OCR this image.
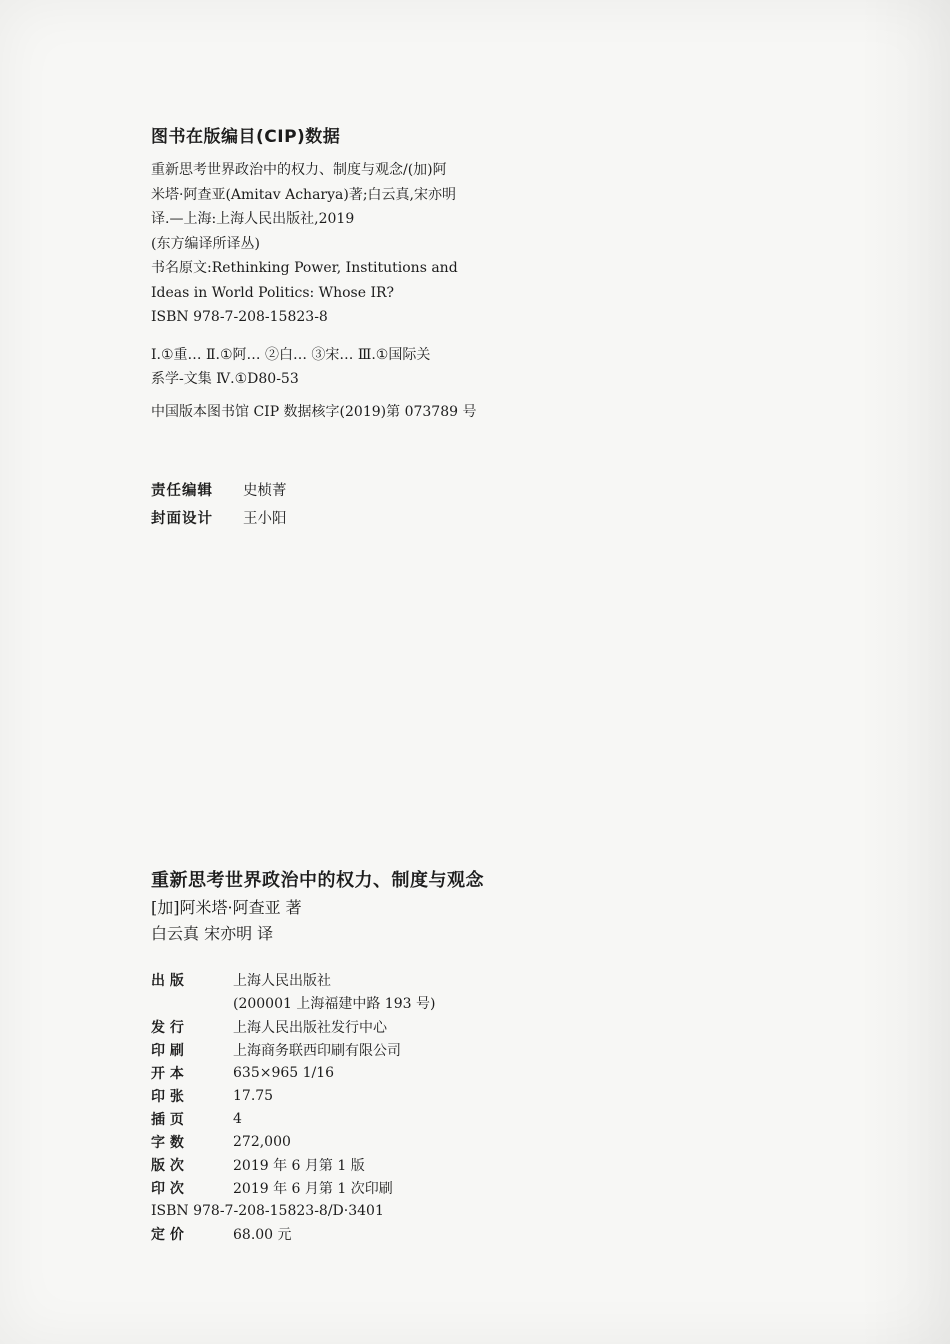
图书在版编目(CIP)数据
重新思考世界政治中的权力、制度与观念/(加)阿
米塔·阿查亚(Amitav Acharya)著;白云真,宋亦明
译.—上海:上海人民出版社,2019
(东方编译所译丛)
书名原文:Rethinking Power, Institutions and
Ideas in World Politics: Whose IR?
ISBN 978-7-208-15823-8
Ⅰ.①重… Ⅱ.①阿… ②白… ③宋… Ⅲ.①国际关
系学-文集 Ⅳ.①D80-53
中国版本图书馆 CIP 数据核字(2019)第 073789 号
责任编辑	史桢菁
封面设计	王小阳
重新思考世界政治中的权力、制度与观念
[加]阿米塔·阿查亚 著
白云真 宋亦明 译
出 版	上海人民出版社
(200001 上海福建中路 193 号)
发 行	上海人民出版社发行中心
印 刷	上海商务联西印刷有限公司
开 本	635×965 1/16
印 张	17.75
插 页	4
字 数	272,000
版 次	2019 年 6 月第 1 版
印 次	2019 年 6 月第 1 次印刷
ISBN 978-7-208-15823-8/D·3401
定 价	68.00 元
